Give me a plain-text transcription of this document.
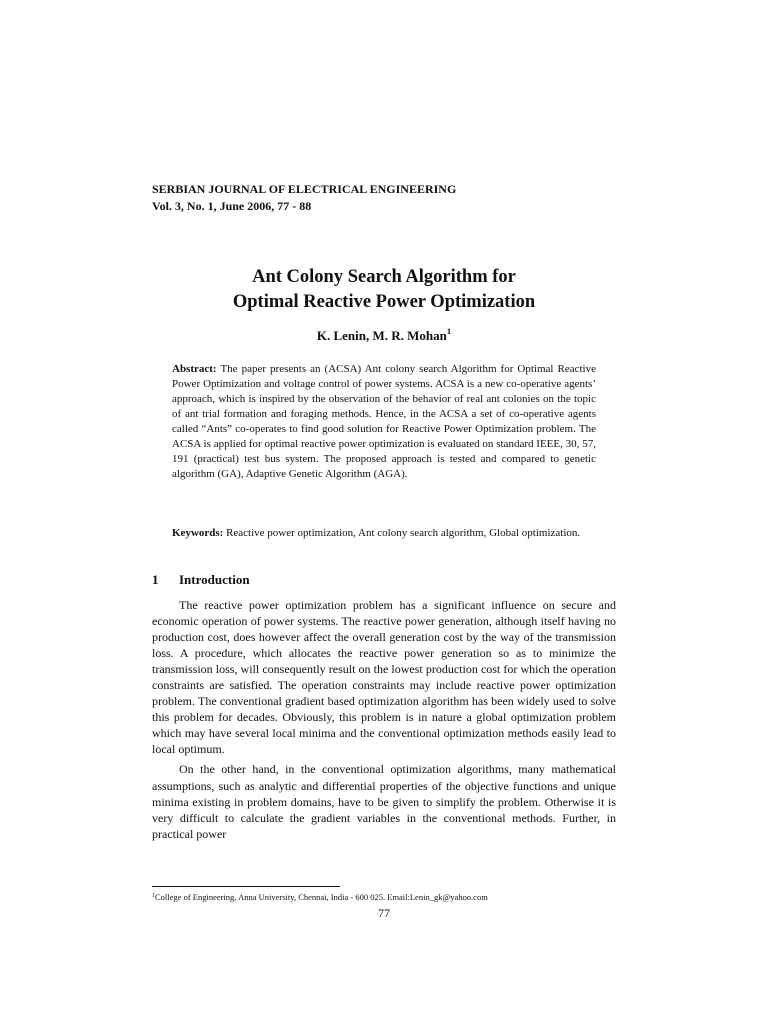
SERBIAN JOURNAL OF ELECTRICAL ENGINEERING
Vol. 3, No. 1, June 2006, 77 - 88
Ant Colony Search Algorithm for
Optimal Reactive Power Optimization
K. Lenin, M. R. Mohan$^1$
Abstract: The paper presents an (ACSA) Ant colony search Algorithm for Optimal Reactive Power Optimization and voltage control of power systems. ACSA is a new co-operative agents’ approach, which is inspired by the observation of the behavior of real ant colonies on the topic of ant trial formation and foraging methods. Hence, in the ACSA a set of co-operative agents called “Ants” co-operates to find good solution for Reactive Power Optimization problem. The ACSA is applied for optimal reactive power optimization is evaluated on standard IEEE, 30, 57, 191 (practical) test bus system. The proposed approach is tested and compared to genetic algorithm (GA), Adaptive Genetic Algorithm (AGA).
Keywords: Reactive power optimization, Ant colony search algorithm, Global optimization.
1 Introduction

The reactive power optimization problem has a significant influence on secure and economic operation of power systems. The reactive power generation, although itself having no production cost, does however affect the overall generation cost by the way of the transmission loss. A procedure, which allocates the reactive power generation so as to minimize the transmission loss, will consequently result on the lowest production cost for which the operation constraints are satisfied. The operation constraints may include reactive power optimization problem. The conventional gradient based optimization algorithm has been widely used to solve this problem for decades. Obviously, this problem is in nature a global optimization problem which may have several local minima and the conventional optimization methods easily lead to local optimum.

On the other hand, in the conventional optimization algorithms, many mathematical assumptions, such as analytic and differential properties of the objective functions and unique minima existing in problem domains, have to be given to simplify the problem. Otherwise it is very difficult to calculate the gradient variables in the conventional methods. Further, in practical power

$^1$College of Engineering, Anna University, Chennai, India - 600 025. Email:Lenin_gk@yahoo.com
77
